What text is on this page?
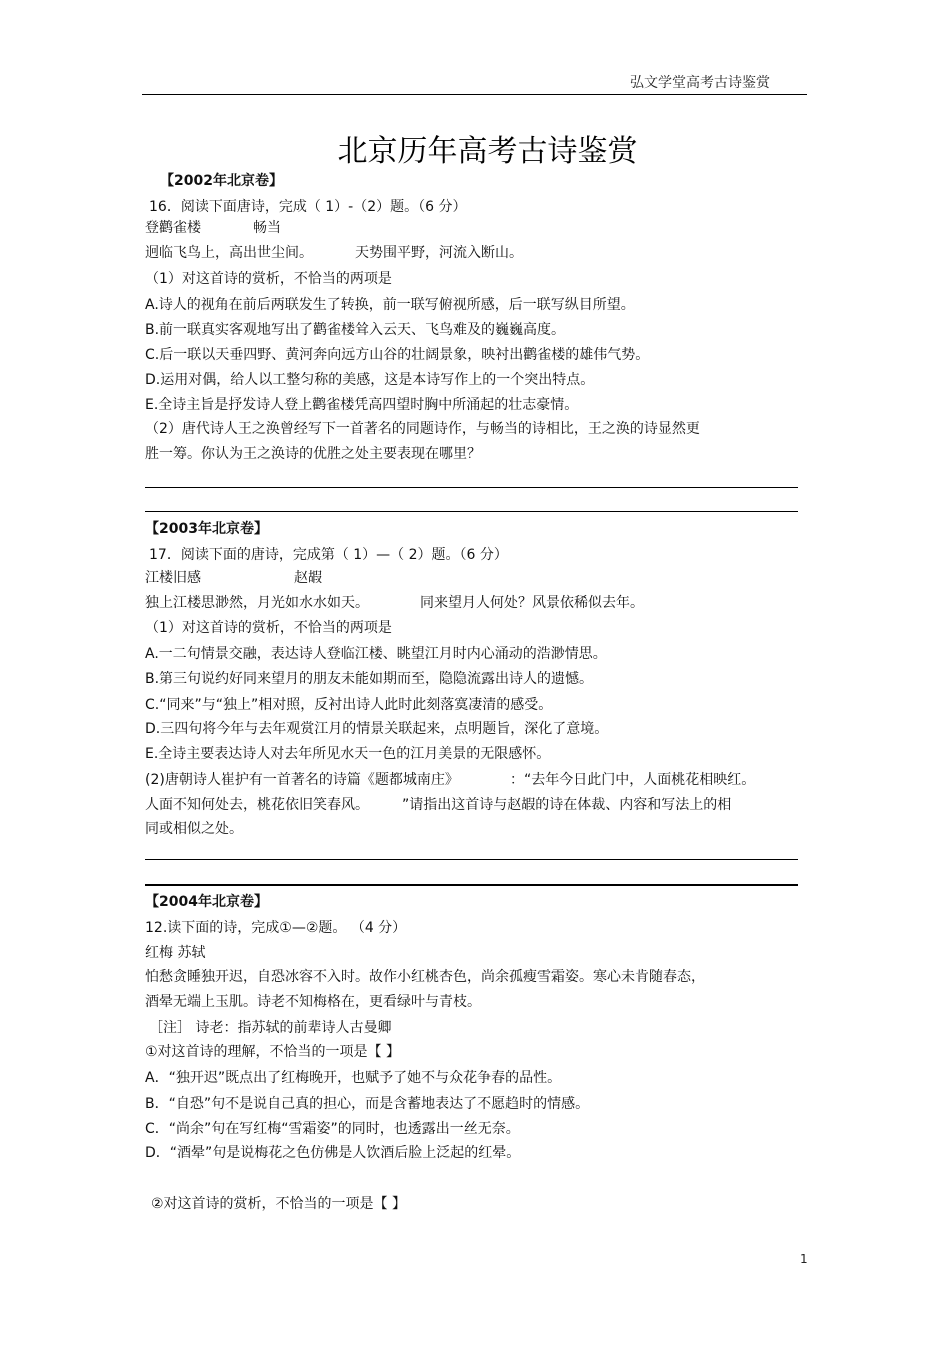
弘文学堂高考古诗鉴赏
北京历年高考古诗鉴赏
【2002年北京卷】
16．阅读下面唐诗，完成（ 1）-（2）题。（6 分）
登鹳雀楼	畅当
迥临飞鸟上，高出世尘间。	天势围平野，河流入断山。
（1）对这首诗的赏析，不恰当的两项是
A.诗人的视角在前后两联发生了转换，前一联写俯视所感，后一联写纵目所望。
B.前一联真实客观地写出了鹳雀楼耸入云天、飞鸟难及的巍巍高度。
C.后一联以天垂四野、黄河奔向远方山谷的壮阔景象，映衬出鹳雀楼的雄伟气势。
D.运用对偶，给人以工整匀称的美感，这是本诗写作上的一个突出特点。
E.全诗主旨是抒发诗人登上鹳雀楼凭高四望时胸中所涌起的壮志豪情。
（2）唐代诗人王之涣曾经写下一首著名的同题诗作，与畅当的诗相比，王之涣的诗显然更
胜一筹。你认为王之涣诗的优胜之处主要表现在哪里？
【2003年北京卷】
17．阅读下面的唐诗，完成第（ 1）—（ 2）题。（6 分）
江楼旧感	赵嘏
独上江楼思渺然，月光如水水如天。	同来望月人何处？风景依稀似去年。
（1）对这首诗的赏析，不恰当的两项是
A.一二句情景交融，表达诗人登临江楼、眺望江月时内心涌动的浩渺情思。
B.第三句说约好同来望月的朋友未能如期而至，隐隐流露出诗人的遗憾。
C.“同来”与“独上”相对照，反衬出诗人此时此刻落寞凄清的感受。
D.三四句将今年与去年观赏江月的情景关联起来，点明题旨，深化了意境。
E.全诗主要表达诗人对去年所见水天一色的江月美景的无限感怀。
(2)唐朝诗人崔护有一首著名的诗篇《题都城南庄》	：“去年今日此门中，人面桃花相映红。
人面不知何处去，桃花依旧笑春风。 ”请指出这首诗与赵嘏的诗在体裁、内容和写法上的相
同或相似之处。
【2004年北京卷】
12.读下面的诗，完成①—②题。 （4 分）
红梅 苏轼
怕愁贪睡独开迟，自恐冰容不入时。故作小红桃杏色，尚余孤瘦雪霜姿。寒心未肯随春态，
酒晕无端上玉肌。诗老不知梅格在，更看绿叶与青枝。
［注］ 诗老：指苏轼的前辈诗人古曼卿
①对这首诗的理解，不恰当的一项是【 】
A．“独开迟”既点出了红梅晚开，也赋予了她不与众花争春的品性。
B．“自恐”句不是说自己真的担心，而是含蓄地表达了不愿趋时的情感。
C．“尚余”句在写红梅“雪霜姿”的同时，也透露出一丝无奈。
D．“酒晕”句是说梅花之色仿佛是人饮酒后脸上泛起的红晕。
②对这首诗的赏析，不恰当的一项是【 】
1
